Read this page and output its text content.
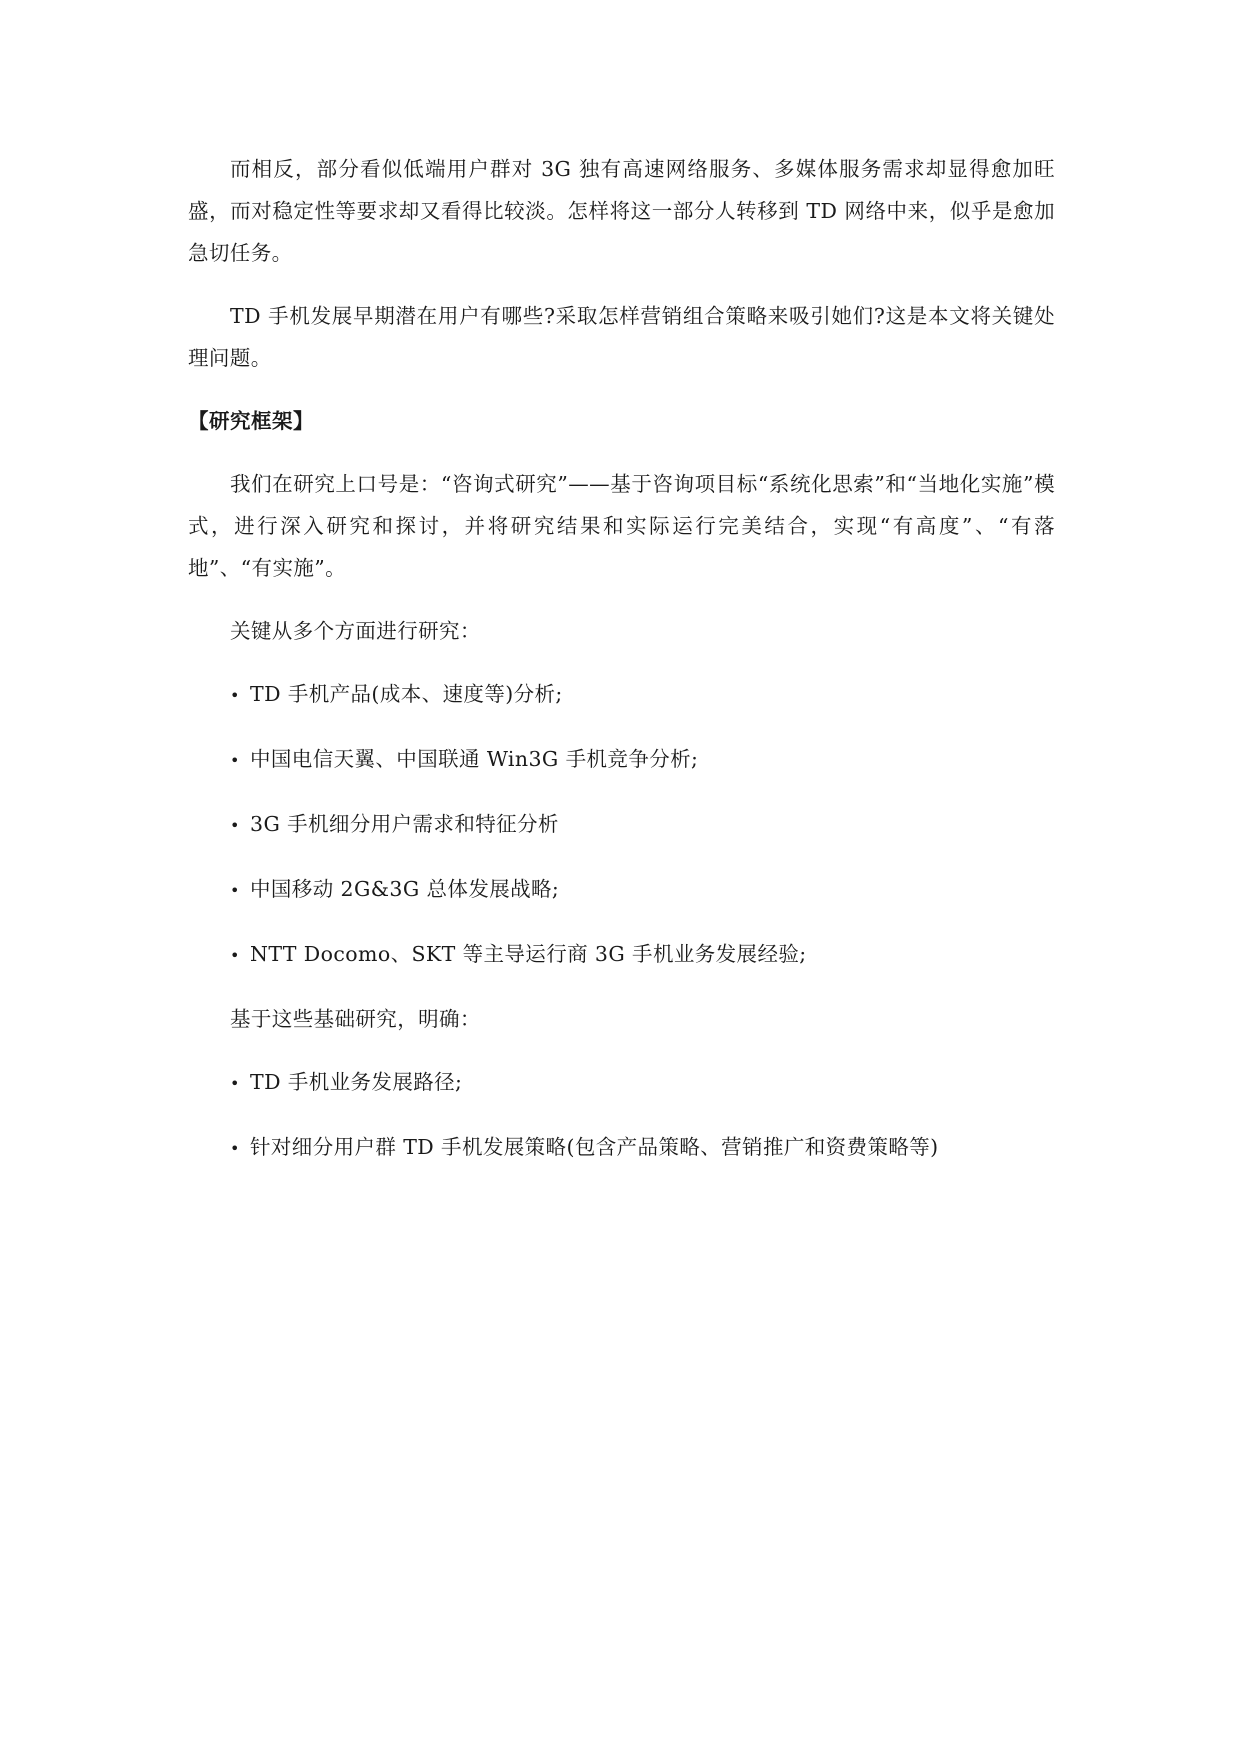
而相反，部分看似低端用户群对 3G 独有高速网络服务、多媒体服务需求却显得愈加旺盛，而对稳定性等要求却又看得比较淡。怎样将这一部分人转移到 TD 网络中来，似乎是愈加急切任务。

TD 手机发展早期潜在用户有哪些?采取怎样营销组合策略来吸引她们?这是本文将关键处理问题。

【研究框架】

我们在研究上口号是：“咨询式研究”——基于咨询项目标“系统化思索”和“当地化实施”模式，进行深入研究和探讨，并将研究结果和实际运行完美结合，实现“有高度”、“有落地”、“有实施”。

关键从多个方面进行研究：

• TD 手机产品(成本、速度等)分析;
• 中国电信天翼、中国联通 Win3G 手机竞争分析;
• 3G 手机细分用户需求和特征分析
• 中国移动 2G&3G 总体发展战略;
• NTT Docomo、SKT 等主导运行商 3G 手机业务发展经验;

基于这些基础研究，明确：

• TD 手机业务发展路径;
• 针对细分用户群 TD 手机发展策略(包含产品策略、营销推广和资费策略等)
